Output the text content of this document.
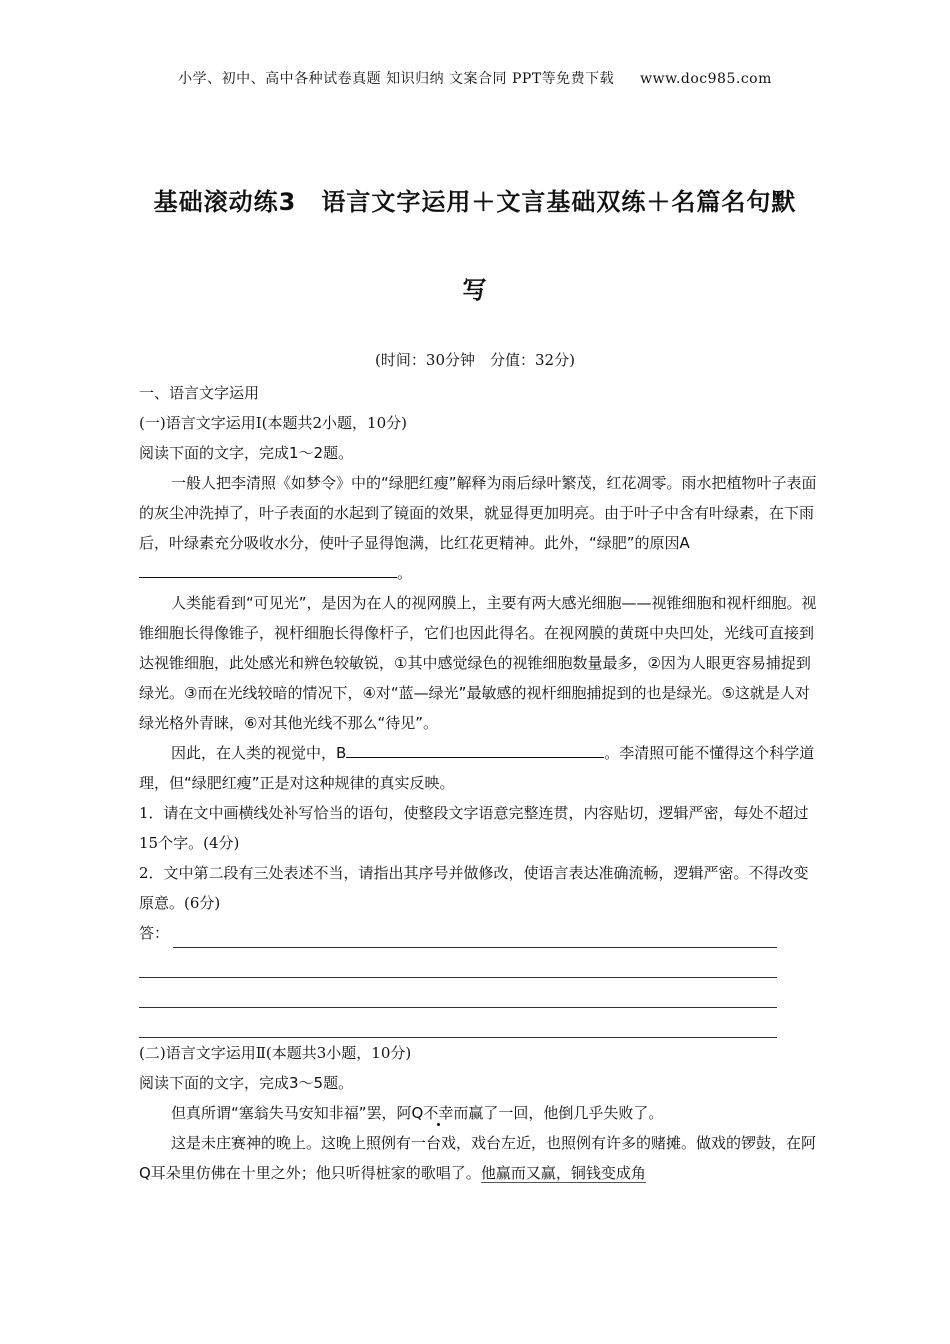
小学、初中、高中各种试卷真题 知识归纳 文案合同 PPT等免费下载 www.doc985.com
基础滚动练3　语言文字运用＋文言基础双练＋名篇名句默
写
(时间：30分钟　分值：32分)

一、语言文字运用

(一)语言文字运用Ⅰ(本题共2小题，10分)

阅读下面的文字，完成1～2题。

一般人把李清照《如梦令》中的“绿肥红瘦”解释为雨后绿叶繁茂，红花凋零。雨水把植物叶子表面的灰尘冲洗掉了，叶子表面的水起到了镜面的效果，就显得更加明亮。由于叶子中含有叶绿素，在下雨后，叶绿素充分吸收水分，使叶子显得饱满，比红花更精神。此外，“绿肥”的原因A。

人类能看到“可见光”，是因为在人的视网膜上，主要有两大感光细胞——视锥细胞和视杆细胞。视锥细胞长得像锥子，视杆细胞长得像杆子，它们也因此得名。在视网膜的黄斑中央凹处，光线可直接到达视锥细胞，此处感光和辨色较敏锐，①其中感觉绿色的视锥细胞数量最多，②因为人眼更容易捕捉到绿光。③而在光线较暗的情况下，④对“蓝—绿光”最敏感的视杆细胞捕捉到的也是绿光。⑤这就是人对绿光格外青睐，⑥对其他光线不那么“待见”。

因此，在人类的视觉中，B	。李清照可能不懂得这个科学道理，但“绿肥红瘦”正是对这种规律的真实反映。

1．请在文中画横线处补写恰当的语句，使整段文字语意完整连贯，内容贴切，逻辑严密，每处不超过15个字。(4分)

2．文中第二段有三处表述不当，请指出其序号并做修改，使语言表达准确流畅，逻辑严密。不得改变原意。(6分)

答：

(二)语言文字运用Ⅱ(本题共3小题，10分)

阅读下面的文字，完成3～5题。

但真所谓“塞翁失马安知非福”罢，阿Q不幸而赢了一回，他倒几乎失败了。

这是未庄赛神的晚上。这晚上照例有一台戏，戏台左近，也照例有许多的赌摊。做戏的锣鼓，在阿Q耳朵里仿佛在十里之外；他只听得桩家的歌唱了。他赢而又赢，铜钱变成角
